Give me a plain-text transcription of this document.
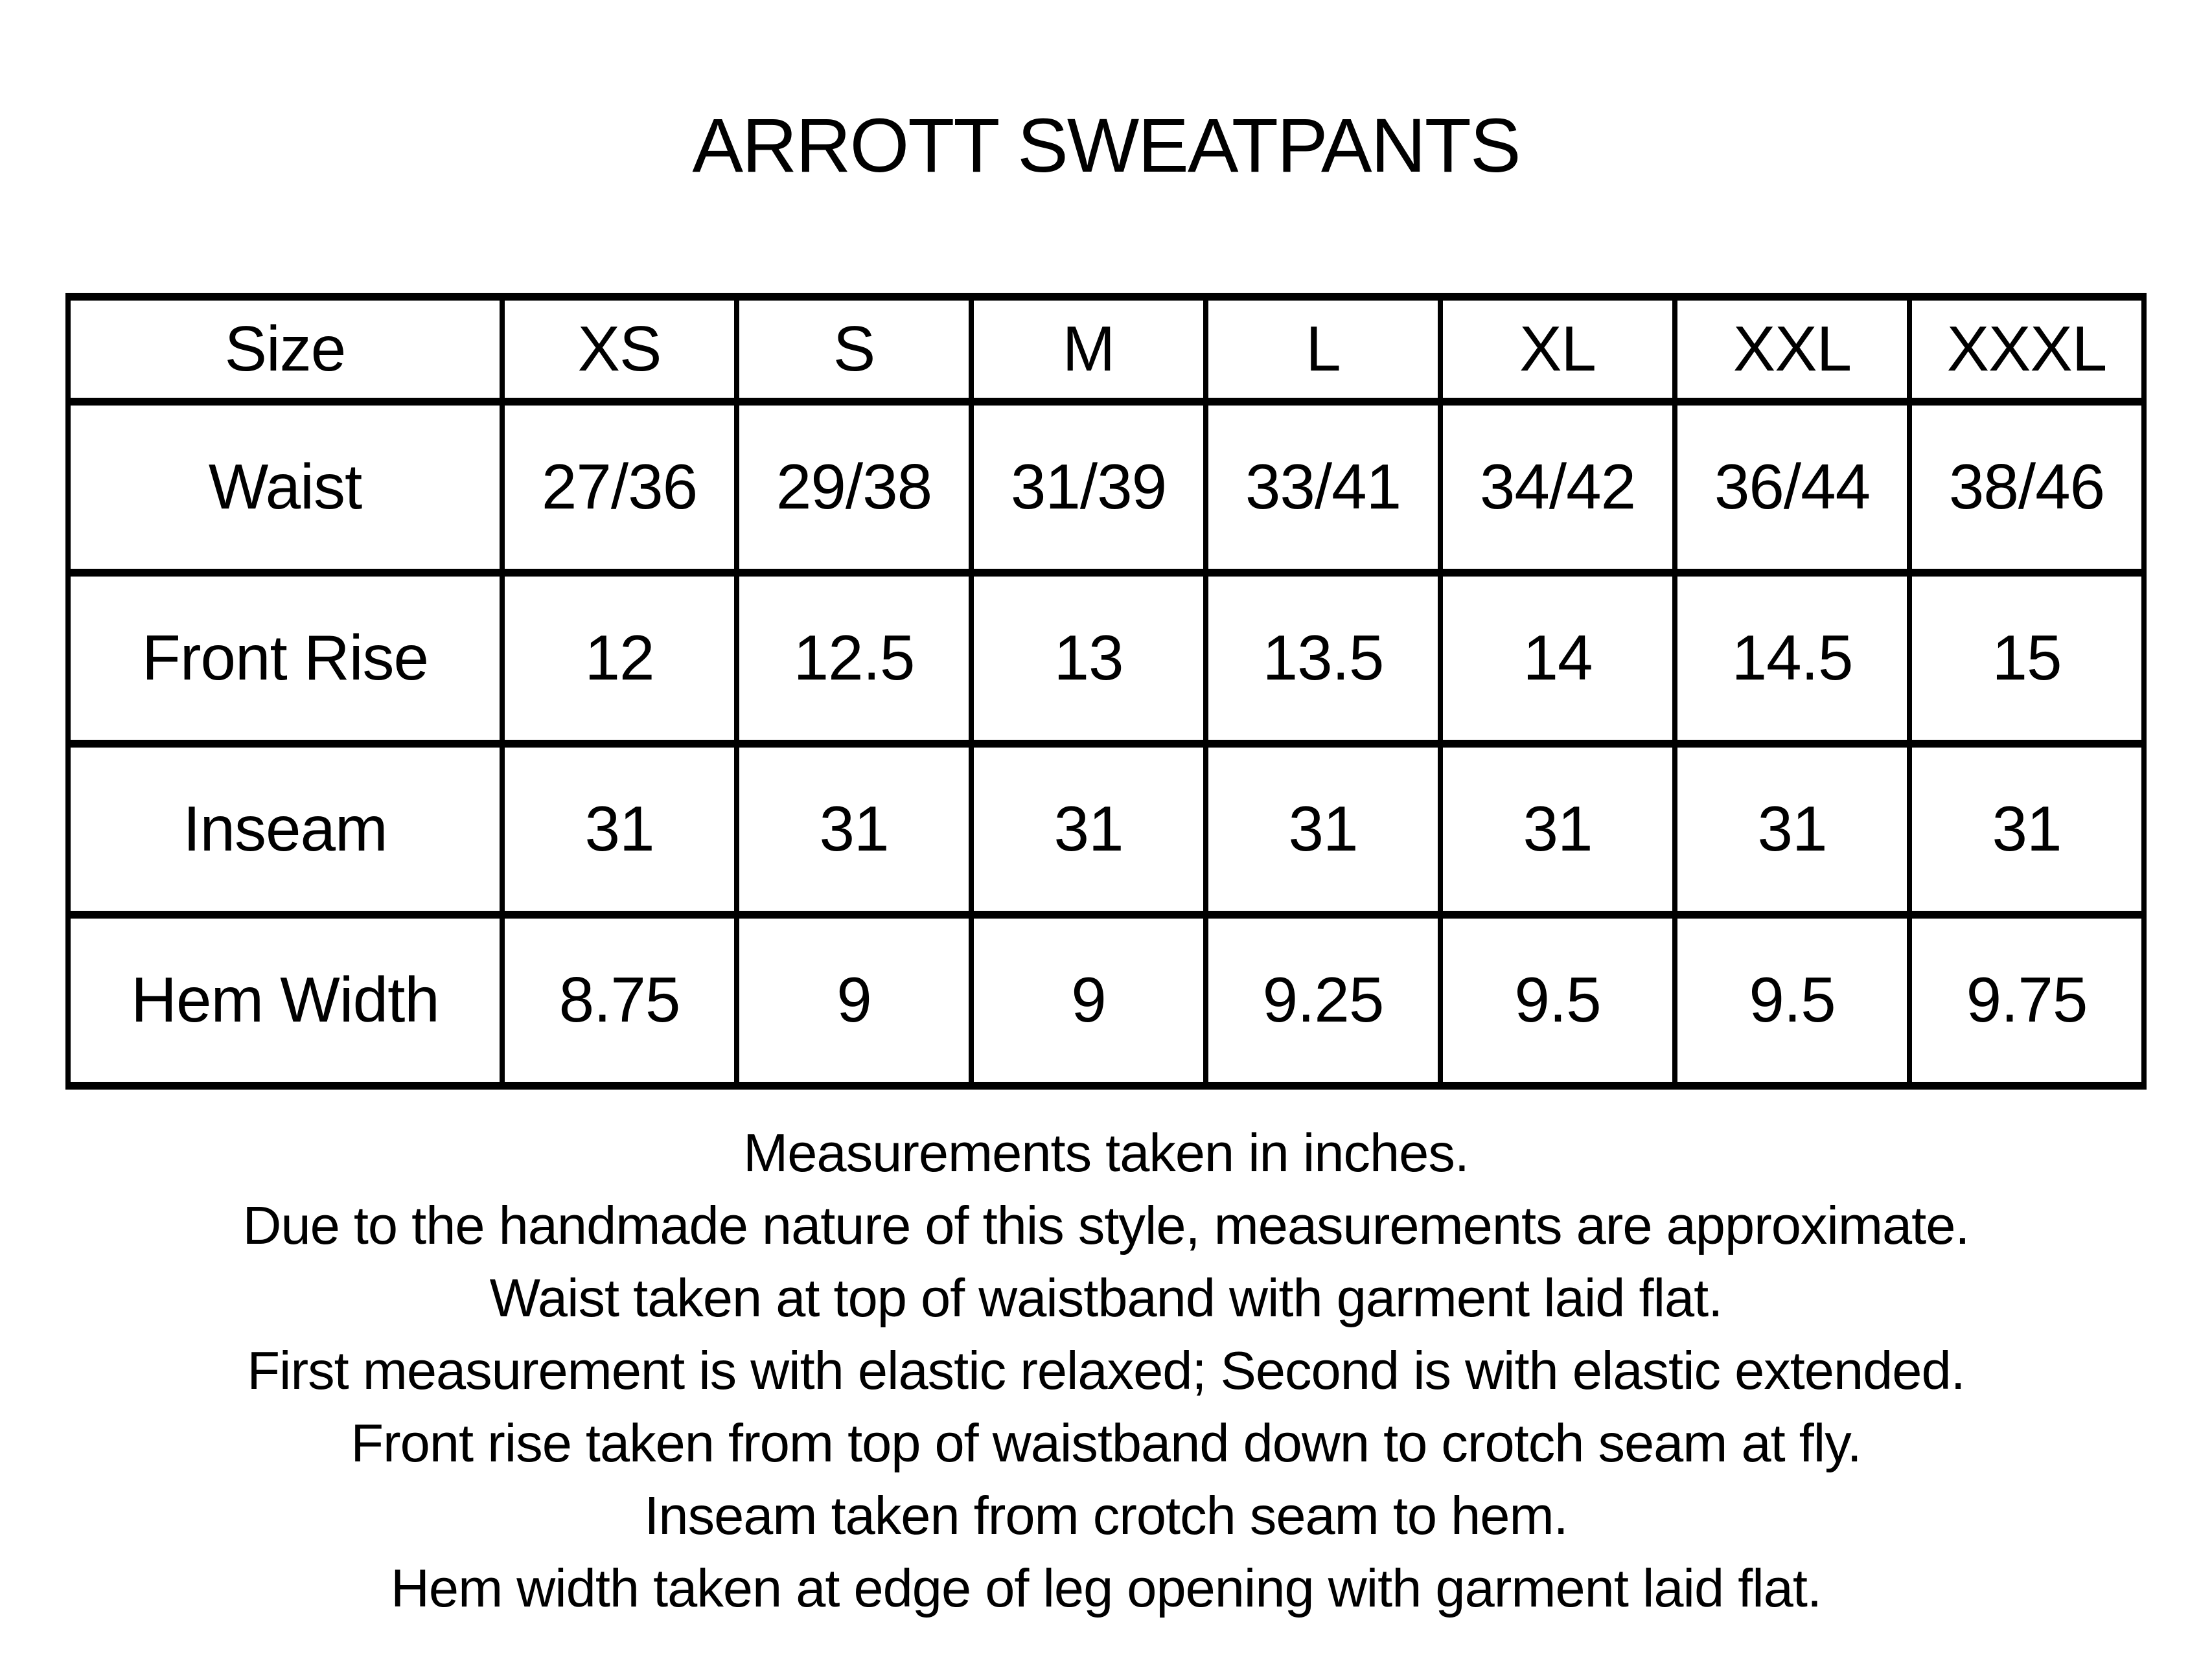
ARROTT SWEATPANTS
Size	XS	S	M	L	XL	XXL	XXXL
Waist	27/36	29/38	31/39	33/41	34/42	36/44	38/46
Front Rise	12	12.5	13	13.5	14	14.5	15
Inseam	31	31	31	31	31	31	31
Hem Width	8.75	9	9	9.25	9.5	9.5	9.75

Measurements taken in inches.

Due to the handmade nature of this style, measurements are approximate.

Waist taken at top of waistband with garment laid flat.

First measurement is with elastic relaxed; Second is with elastic extended.

Front rise taken from top of waistband down to crotch seam at fly.

Inseam taken from crotch seam to hem.

Hem width taken at edge of leg opening with garment laid flat.
